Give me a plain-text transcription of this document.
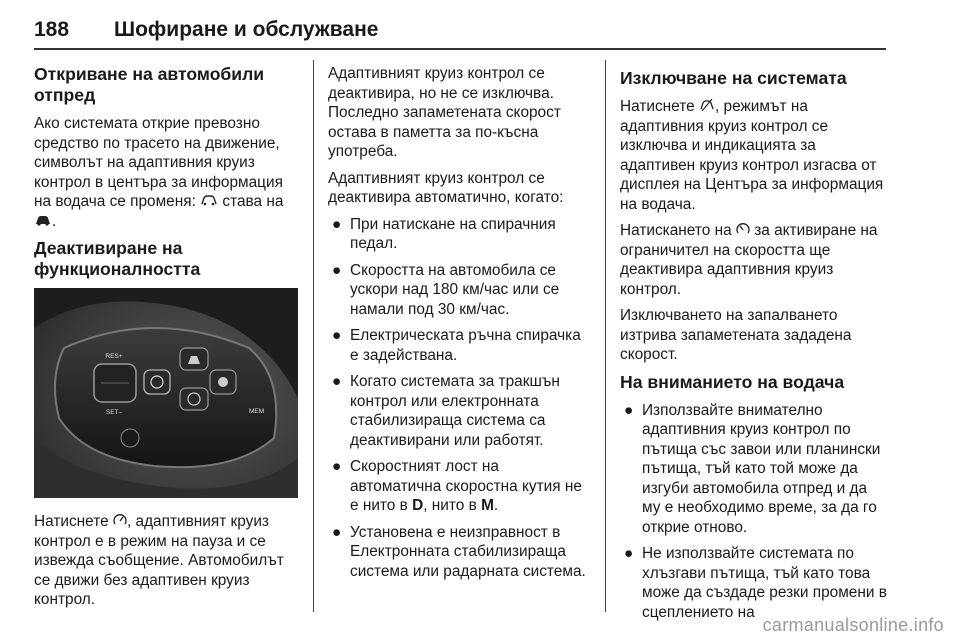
188 Шофиране и обслужване
Откриване на автомобили отпред

Ако системата открие превозно средство по трасето на движение, символът на адаптивния круиз контрол в центъра за информация на водача се променя: става на
.

Деактивиране на функционалността
RES+
SET–	MEM

Натиснете , адаптивният круиз контрол е в режим на пауза и се извежда съобщение. Автомобилът се движи без адаптивен круиз контрол.

Адаптивният круиз контрол се деактивира, но не се изключва. Последно запаметената скорост остава в паметта за по-късна употреба.

Адаптивният круиз контрол се деактивира автоматично, когато:

● При натискане на спирачния педал.
● Скоростта на автомобила се ускори над 180 км/час или се намали под 30 км/час.
● Електрическата ръчна спирачка е задействана.
● Когато системата за тракшън контрол или електронната стабилизираща система са деактивирани или работят.
● Скоростният лост на автоматична скоростна кутия не е нито в D, нито в M.
● Установена е неизправност в Електронната стабилизираща система или радарната система.
Изключване на системата

Натиснете , режимът на адаптивния круиз контрол се изключва и индикацията за адаптивен круиз контрол изгасва от дисплея на Центъра за информация на водача.

Натискането на за активиране на ограничител на скоростта ще деактивира адаптивния круиз контрол.

Изключването на запалването изтрива запаметената зададена скорост.

На вниманието на водача
● Използвайте внимателно адаптивния круиз контрол по пътища със завои или планински пътища, тъй като той може да изгуби автомобила отпред и да му е необходимо време, за да го открие отново.
● Не използвайте системата по хлъзгави пътища, тъй като това може да създаде резки промени в сцеплението на
carmanualsonline.info
